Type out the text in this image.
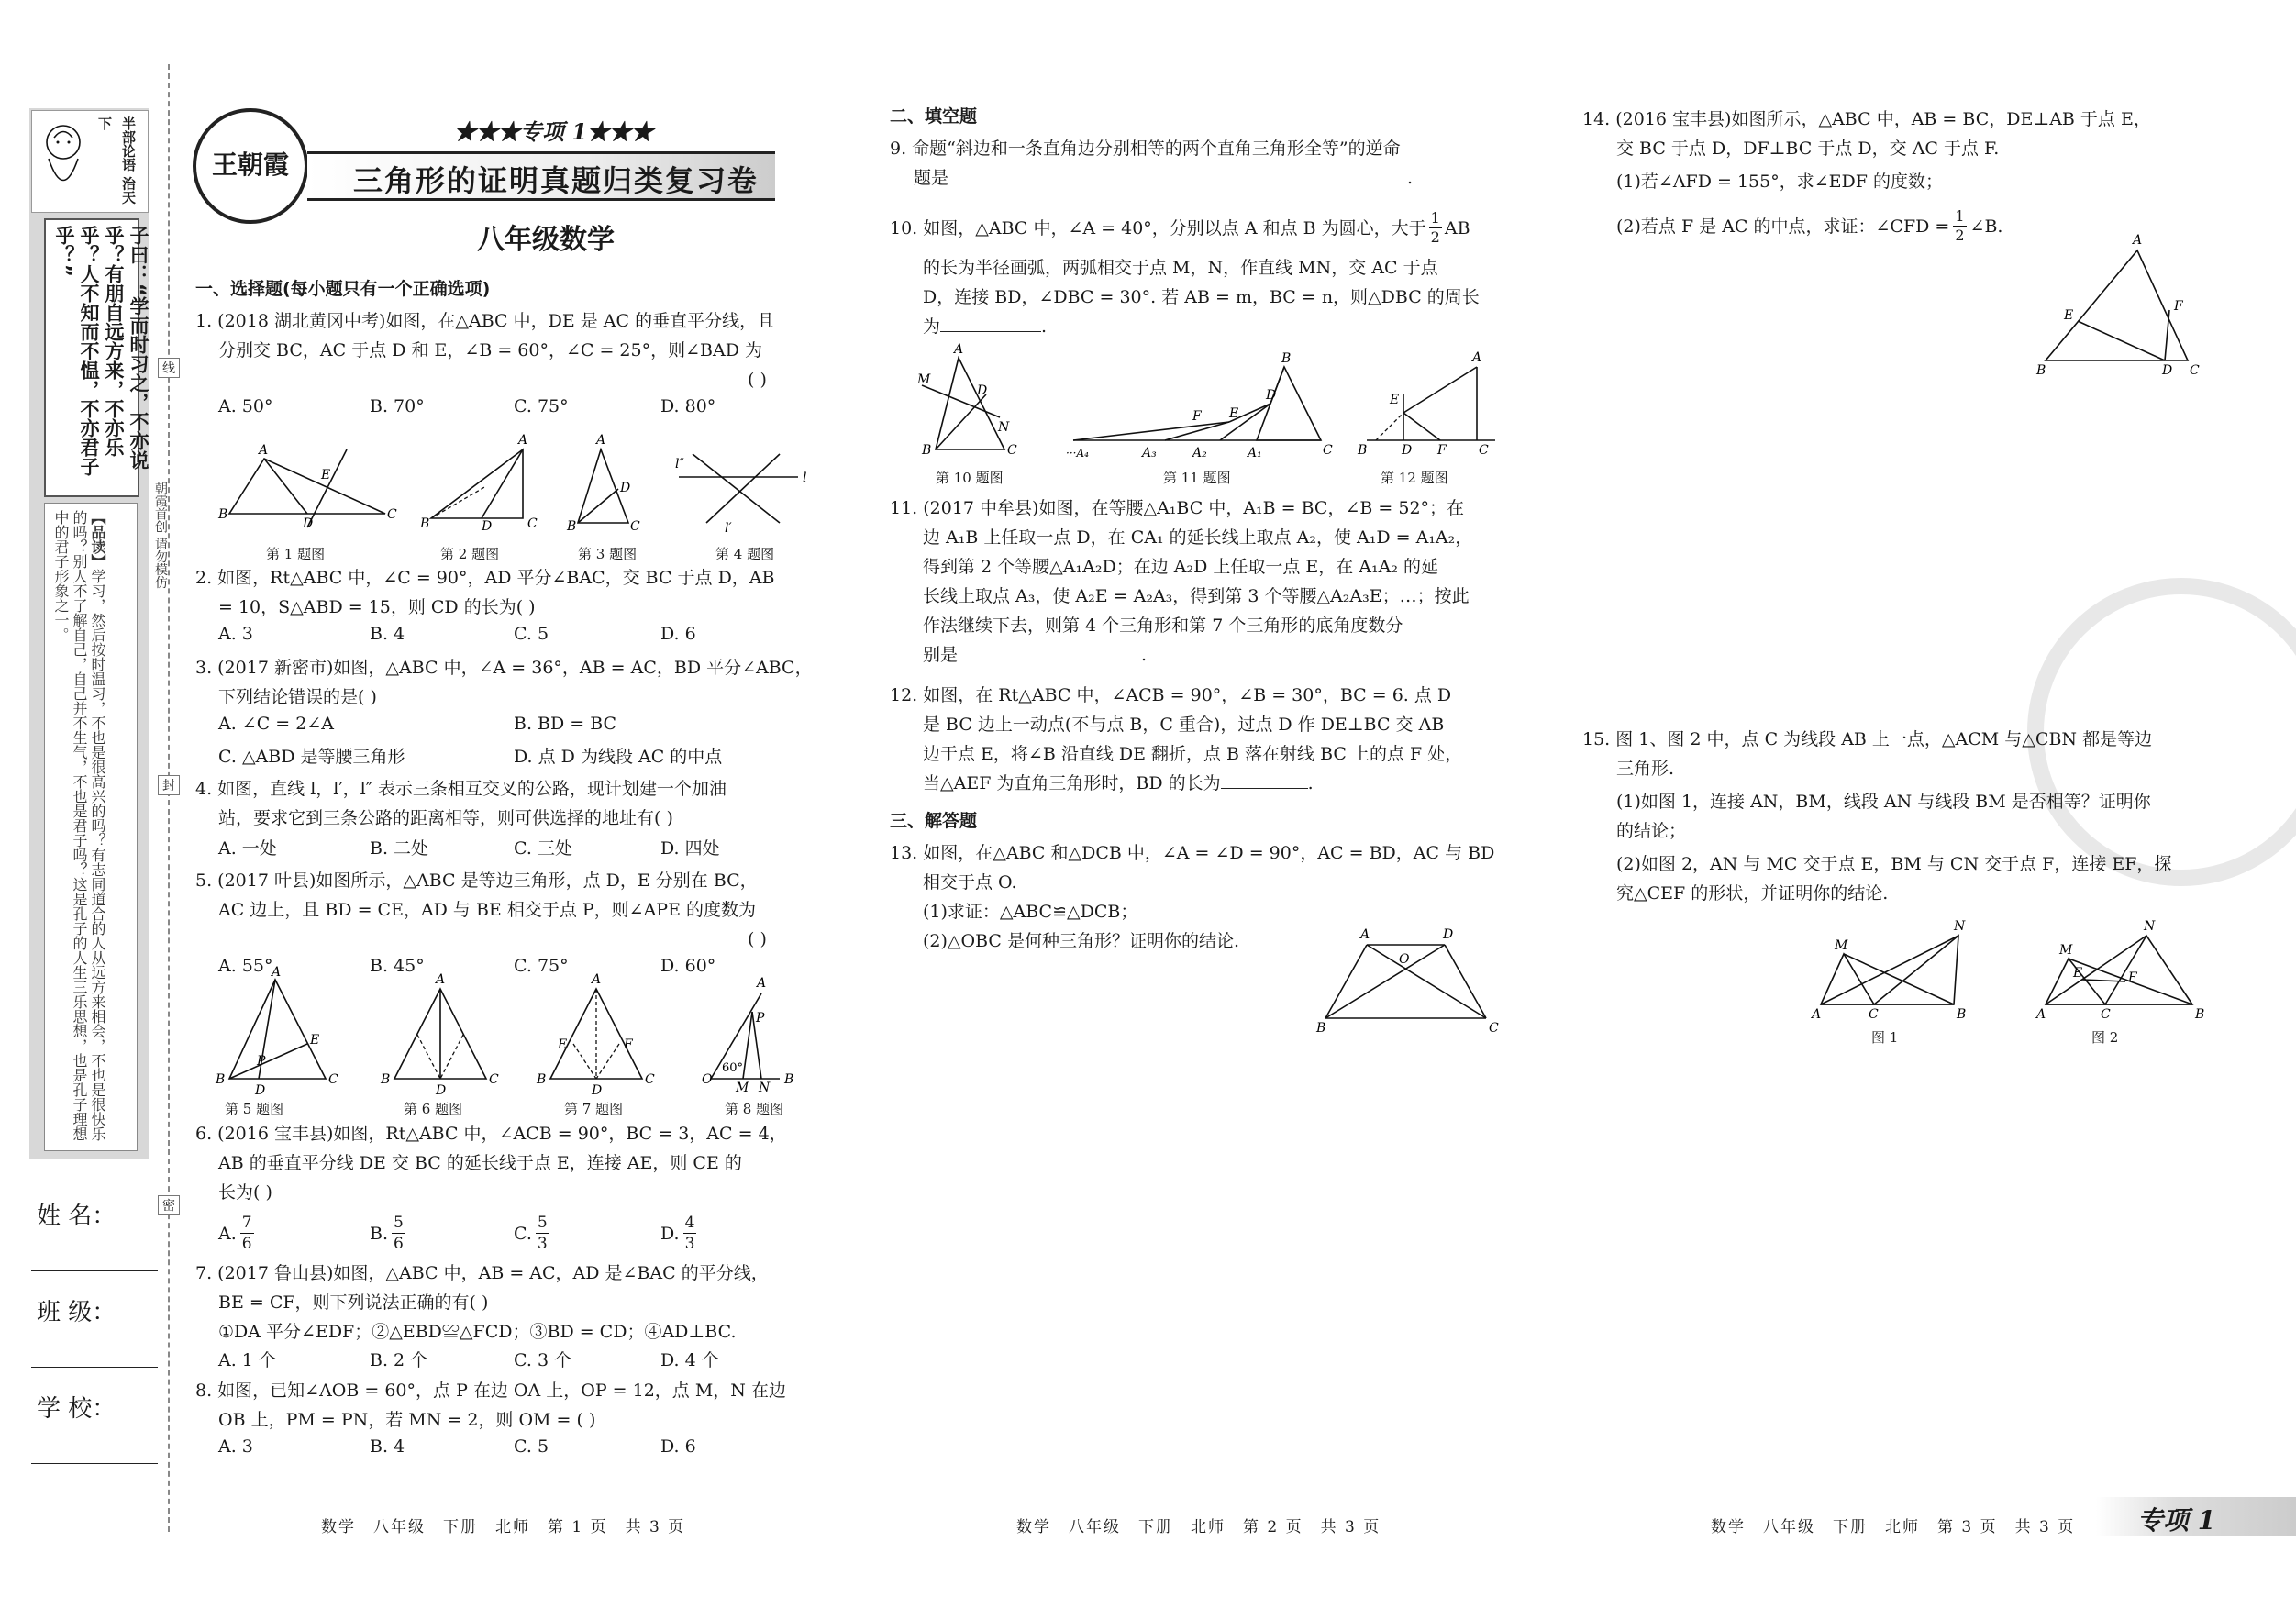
半部论语 治天下
子曰：“学而时习之，不亦说乎？有朋自远方来，不亦乐乎？人不知而不愠，不亦君子乎？”
【品读】学习，然后按时温习，不也是很高兴的吗？有志同道合的人从远方来相会，不也是很快乐的吗？别人不了解自己，自己并不生气，不也是君子吗？这是孔子的人生三乐思想，也是孔子理想中的君子形象之一。
姓 名：
班 级：
学 校：
线
朝霞首创 请勿模仿
封
密
王朝霞
★★★专项 1★★★
三角形的证明真题归类复习卷
八年级数学
一、选择题(每小题只有一个正确选项)
1. (2018 湖北黄冈中考)如图，在△ABC 中，DE 是 AC 的垂直平分线，且
分别交 BC，AC 于点 D 和 E，∠B = 60°，∠C = 25°，则∠BAD 为
( )
A. 50°	B. 70°	C. 75°	D. 80°
A
B	C
D
E
A
B	C
D
A
B	C
D
l″
l
l′
第 1 题图	第 2 题图	第 3 题图	第 4 题图
2. 如图，Rt△ABC 中，∠C = 90°，AD 平分∠BAC，交 BC 于点 D，AB
= 10，S△ABD = 15，则 CD 的长为( )
A. 3	B. 4	C. 5	D. 6
3. (2017 新密市)如图，△ABC 中，∠A = 36°，AB = AC，BD 平分∠ABC，
下列结论错误的是( )
A. ∠C = 2∠A	B. BD = BC
C. △ABD 是等腰三角形	D. 点 D 为线段 AC 的中点
4. 如图，直线 l，l′，l″ 表示三条相互交叉的公路，现计划建一个加油
站，要求它到三条公路的距离相等，则可供选择的地址有( )
A. 一处	B. 二处	C. 三处	D. 四处
5. (2017 叶县)如图所示，△ABC 是等边三角形，点 D，E 分别在 BC，
AC 边上，且 BD = CE，AD 与 BE 相交于点 P，则∠APE 的度数为
( )
A. 55°	B. 45°	C. 75°	D. 60°
A
B	C
D
E
P
A
B	C
D
A
B	C
D
E	F
O
A
P
B
M N
60°
第 5 题图	第 6 题图	第 7 题图	第 8 题图
6. (2016 宝丰县)如图，Rt△ABC 中，∠ACB = 90°，BC = 3，AC = 4，
AB 的垂直平分线 DE 交 BC 的延长线于点 E，连接 AE，则 CE 的
长为( )
A.
7
6
B.
5
6
C.
5
3
D.
4
3
7. (2017 鲁山县)如图，△ABC 中，AB = AC，AD 是∠BAC 的平分线，
BE = CF，则下列说法正确的有( )
①DA 平分∠EDF；②△EBD≌△FCD；③BD = CD；④AD⊥BC.
A. 1 个	B. 2 个	C. 3 个	D. 4 个
8. 如图，已知∠AOB = 60°，点 P 在边 OA 上，OP = 12，点 M，N 在边
OB 上，PM = PN，若 MN = 2，则 OM = ( )
A. 3	B. 4	C. 5	D. 6
数学　八年级　下册　北师　第 1 页　共 3 页
二、填空题
9. 命题“斜边和一条直角边分别相等的两个直角三角形全等”的逆命
题是	.
10. 如图，△ABC 中，∠A = 40°，分别以点 A 和点 B 为圆心，大于 1
2 AB
的长为半径画弧，两弧相交于点 M，N，作直线 MN，交 AC 于点
D，连接 BD，∠DBC = 30°. 若 AB = m，BC = n，则△DBC 的周长
为	.
A
B	C
M
D
N
B
D
E
F
C
···A₄	A₃	A₂	A₁
A
E
B	D F	C
第 10 题图	第 11 题图	第 12 题图
11. (2017 中牟县)如图，在等腰△A₁BC 中，A₁B = BC，∠B = 52°；在
边 A₁B 上任取一点 D，在 CA₁ 的延长线上取点 A₂，使 A₁D = A₁A₂，
得到第 2 个等腰△A₁A₂D；在边 A₂D 上任取一点 E，在 A₁A₂ 的延
长线上取点 A₃，使 A₂E = A₂A₃，得到第 3 个等腰△A₂A₃E；…；按此
作法继续下去，则第 4 个三角形和第 7 个三角形的底角度数分
别是	.
12. 如图，在 Rt△ABC 中，∠ACB = 90°，∠B = 30°，BC = 6. 点 D
是 BC 边上一动点(不与点 B，C 重合)，过点 D 作 DE⊥BC 交 AB
边于点 E，将∠B 沿直线 DE 翻折，点 B 落在射线 BC 上的点 F 处，
当△AEF 为直角三角形时，BD 的长为	.
三、解答题
13. 如图，在△ABC 和△DCB 中，∠A = ∠D = 90°，AC = BD，AC 与 BD
相交于点 O.
(1)求证：△ABC≌△DCB；
(2)△OBC 是何种三角形？证明你的结论.	A	D
O
B	C
数学　八年级　下册　北师　第 2 页　共 3 页
14. (2016 宝丰县)如图所示，△ABC 中，AB = BC，DE⊥AB 于点 E，
交 BC 于点 D，DF⊥BC 于点 D，交 AC 于点 F.
(1)若∠AFD = 155°，求∠EDF 的度数；
(2)若点 F 是 AC 的中点，求证：∠CFD = $\frac{1}{2}$ ∠B.
A
B	D C
E
F
15. 图 1、图 2 中，点 C 为线段 AB 上一点，△ACM 与△CBN 都是等边
三角形.
(1)如图 1，连接 AN，BM，线段 AN 与线段 BM 是否相等？证明你
的结论；
(2)如图 2，AN 与 MC 交于点 E，BM 与 CN 交于点 F，连接 EF，探
究△CEF 的形状，并证明你的结论.
M
N
A	C	B
M
N
A	C	B
E	F
图 1	图 2
数学　八年级　下册　北师　第 3 页　共 3 页 专项 1
